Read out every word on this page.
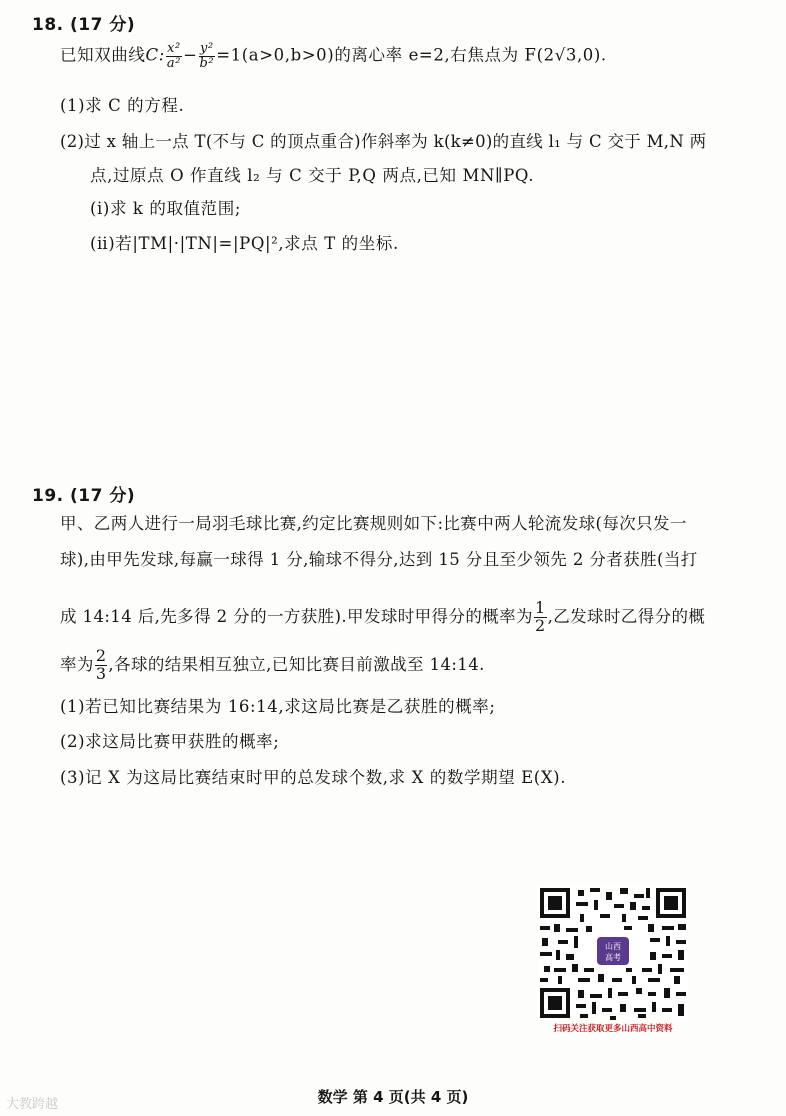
18. (17 分)
已知双曲线C: $\frac{\text{x²}}{\text{a²}} - \frac{\text{y²}}{\text{b²}} =1(a>0,b>0)$的离心率 e=2,右焦点为 F(2√3,0).
(1)求 C 的方程.
(2)过 x 轴上一点 T(不与 C 的顶点重合)作斜率为 k(k≠0)的直线 l₁ 与 C 交于 M,N 两
点,过原点 O 作直线 l₂ 与 C 交于 P,Q 两点,已知 MN∥PQ.
(ⅰ)求 k 的取值范围;
(ⅱ)若|TM|·|TN|=|PQ|²,求点 T 的坐标.
19. (17 分)
甲、乙两人进行一局羽毛球比赛,约定比赛规则如下:比赛中两人轮流发球(每次只发一
球),由甲先发球,每赢一球得 1 分,输球不得分,达到 15 分且至少领先 2 分者获胜(当打
成 14:14 后,先多得 2 分的一方获胜).甲发球时甲得分的概率为 $\frac{1}{2}$ ,乙发球时乙得分的概
率为 $\frac{2}{3}$ ,各球的结果相互独立,已知比赛目前激战至 14:14.
(1)若已知比赛结果为 16:14,求这局比赛是乙获胜的概率;
(2)求这局比赛甲获胜的概率;
(3)记 X 为这局比赛结束时甲的总发球个数,求 X 的数学期望 E(X).
山西
高考
扫码关注获取更多山西高中资料
数学 第 4 页(共 4 页)
大教跨越
